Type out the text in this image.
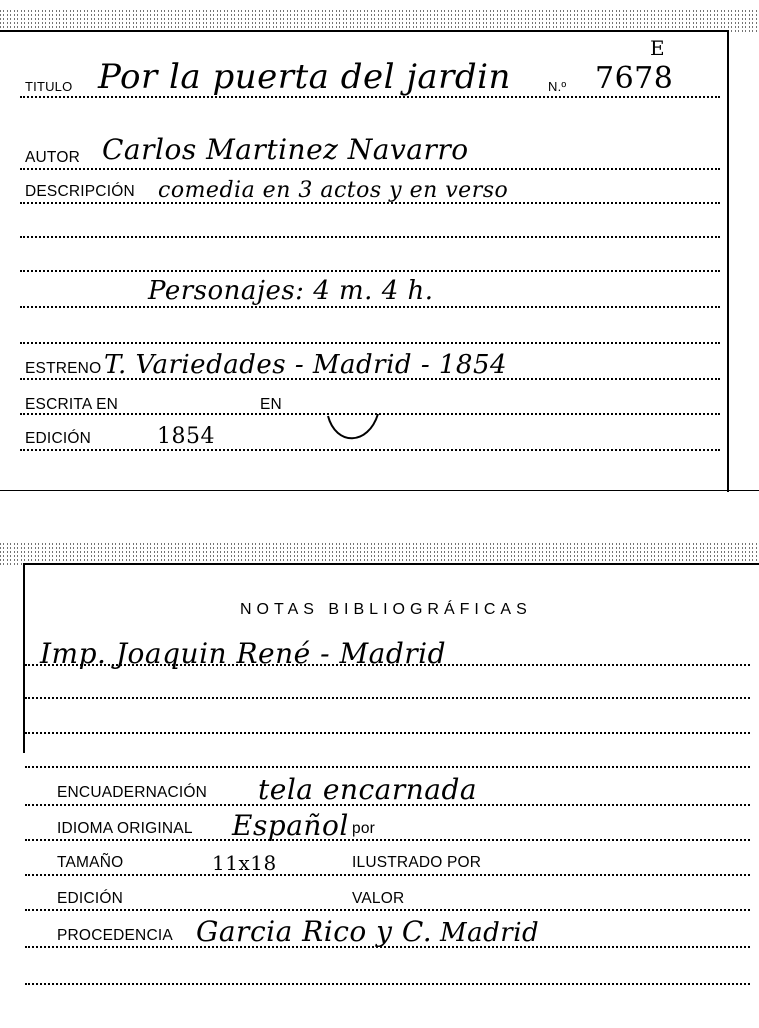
TITULO Por la puerta del jardin	N.º 7678
E
AUTOR Carlos Martinez Navarro
DESCRIPCIÓN comedia en 3 actos y en verso
Personajes: 4 m. 4 h.
ESTRENO T. Variedades - Madrid - 1854
ESCRITA EN	EN
EDICIÓN	1854
NOTAS BIBLIOGRÁFICAS
Imp. Joaquin René - Madrid
ENCUADERNACIÓN tela encarnada
IDIOMA ORIGINAL Español por
TAMAÑO	11x18	ILUSTRADO POR
EDICIÓN	VALOR
PROCEDENCIA Garcia Rico y C. Madrid
